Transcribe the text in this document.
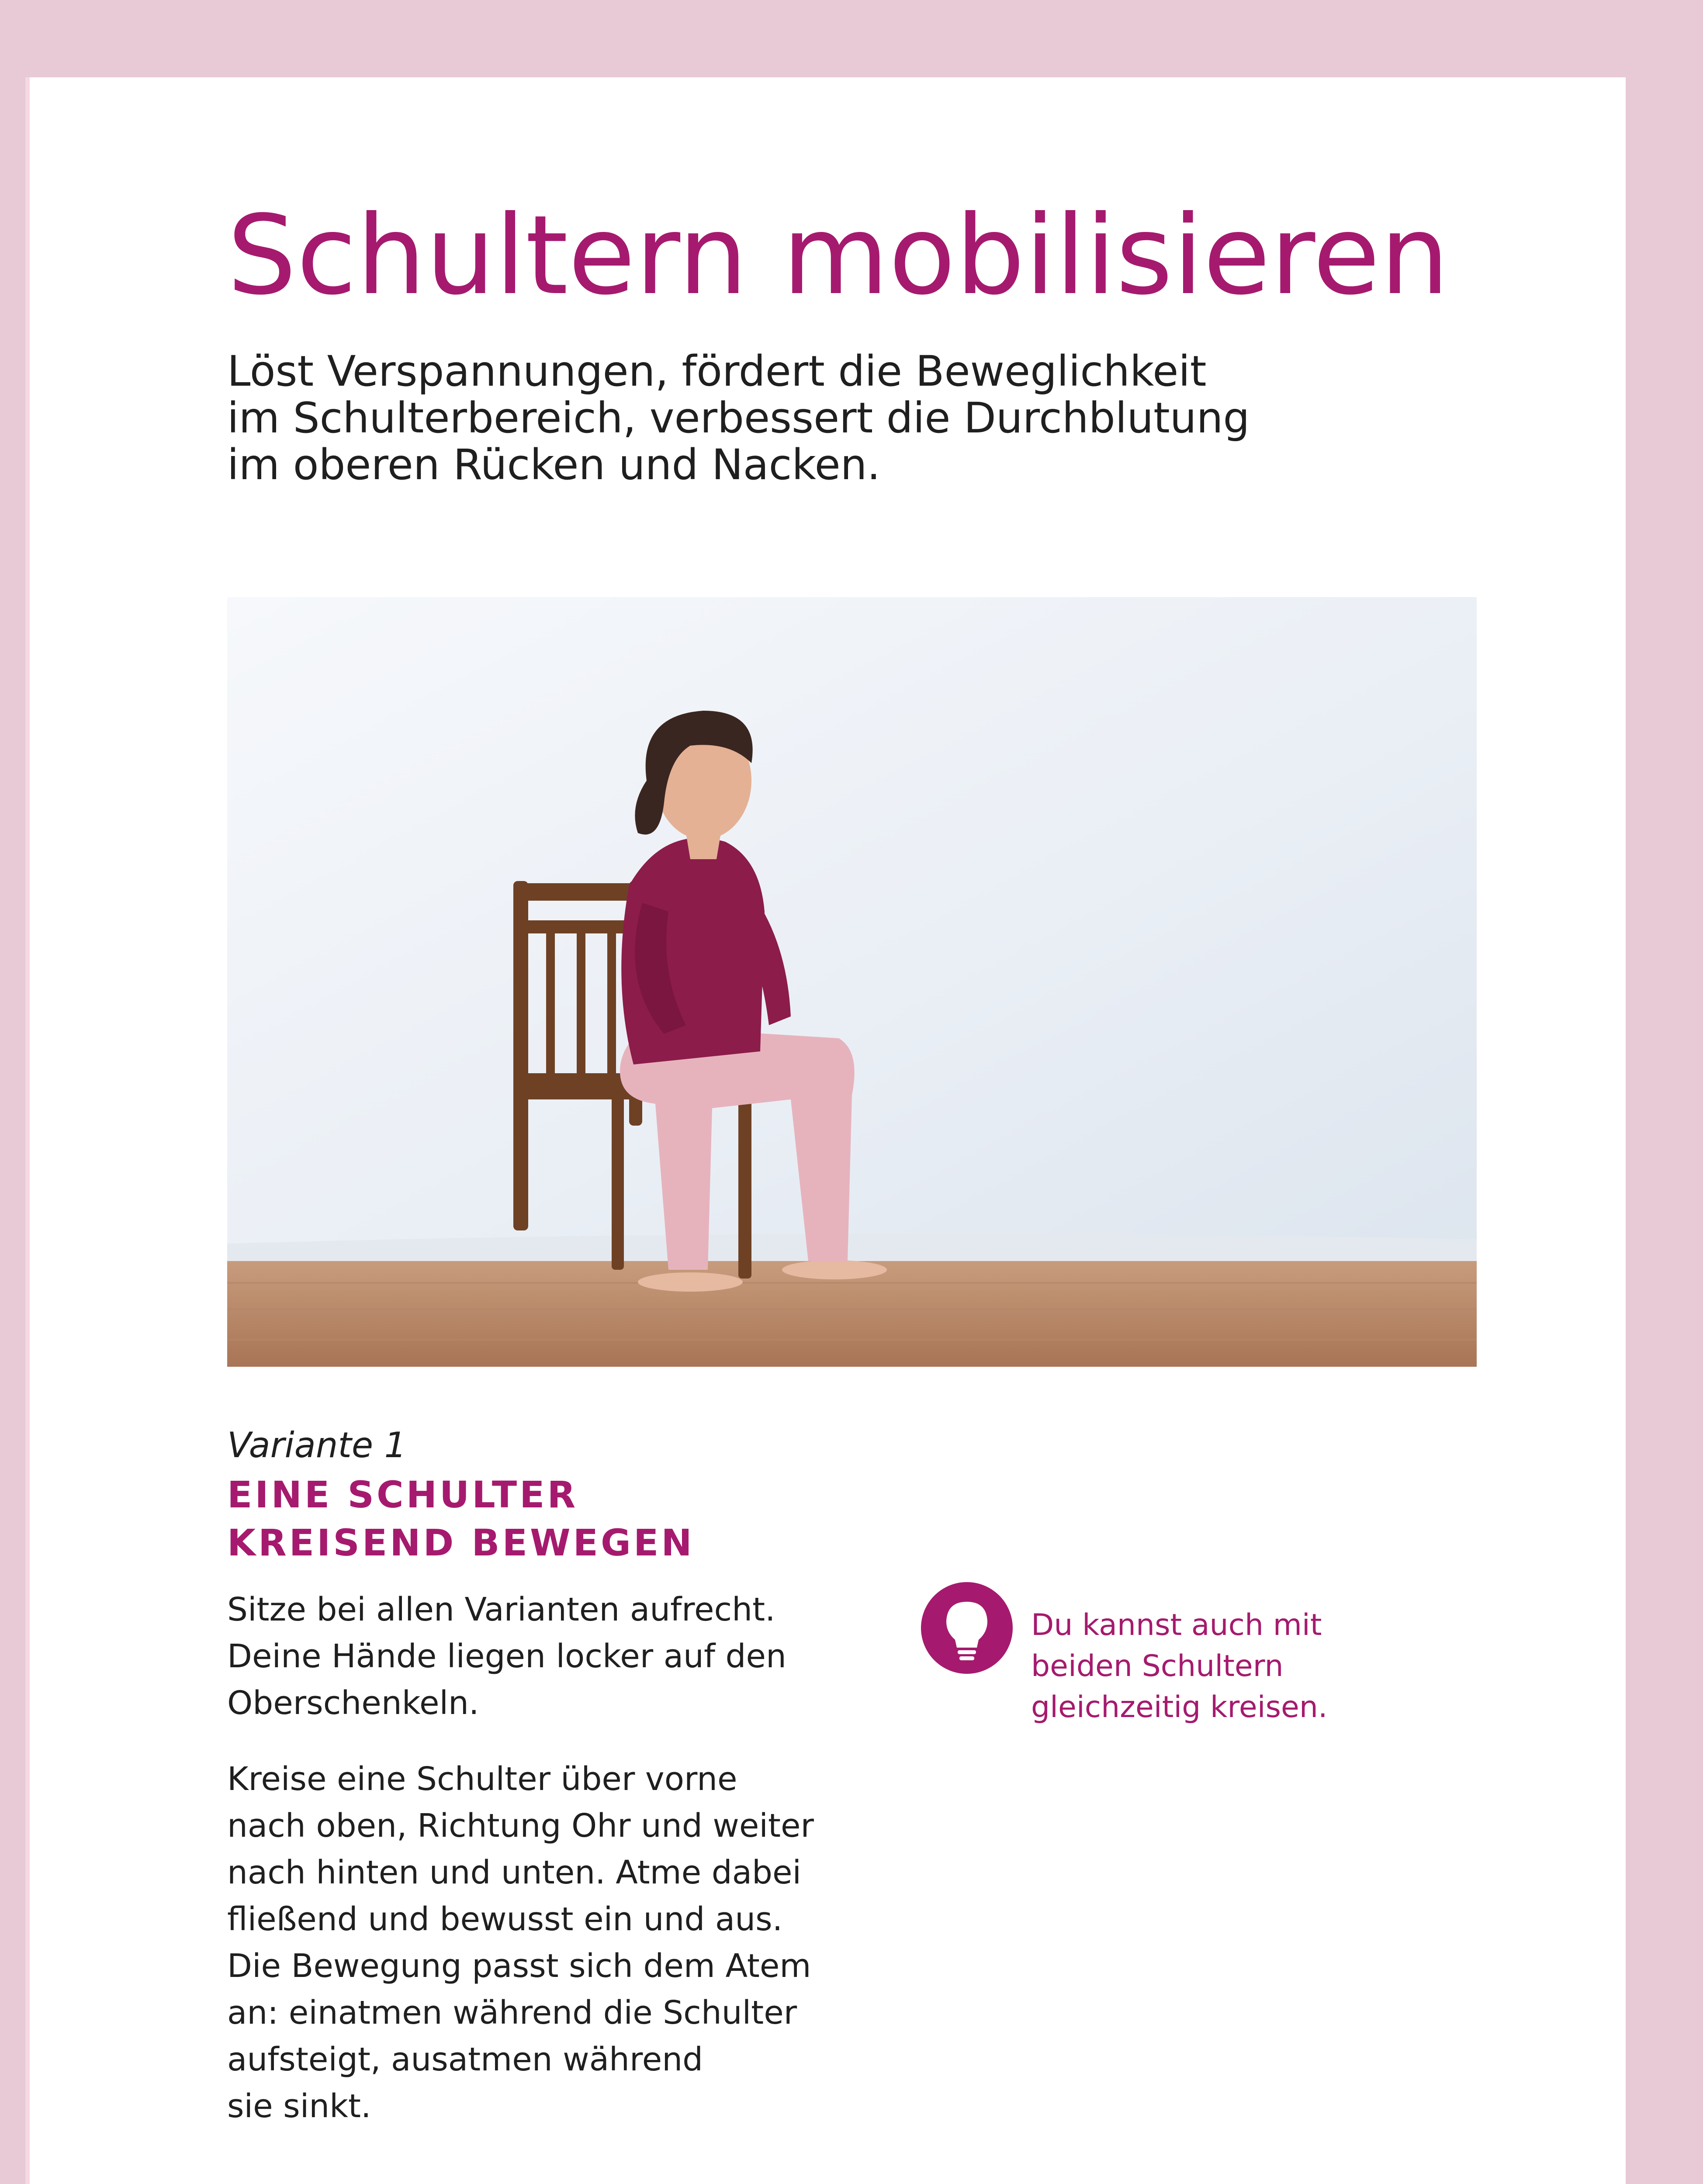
Schultern mobilisieren

Löst Verspannungen, fördert die Beweglichkeit
im Schulterbereich, verbessert die Durchblutung
im oberen Rücken und Nacken.

Variante 1

EINE SCHULTER
KREISEND BEWEGEN

Sitze bei allen Varianten aufrecht.
Deine Hände liegen locker auf den
Oberschenkeln.

Kreise eine Schulter über vorne
nach oben, Richtung Ohr und weiter
nach hinten und unten. Atme dabei
fließend und bewusst ein und aus.
Die Bewegung passt sich dem Atem
an: einatmen während die Schulter
aufsteigt, ausatmen während
sie sinkt.

Du kannst auch mit
beiden Schultern
gleichzeitig kreisen.
